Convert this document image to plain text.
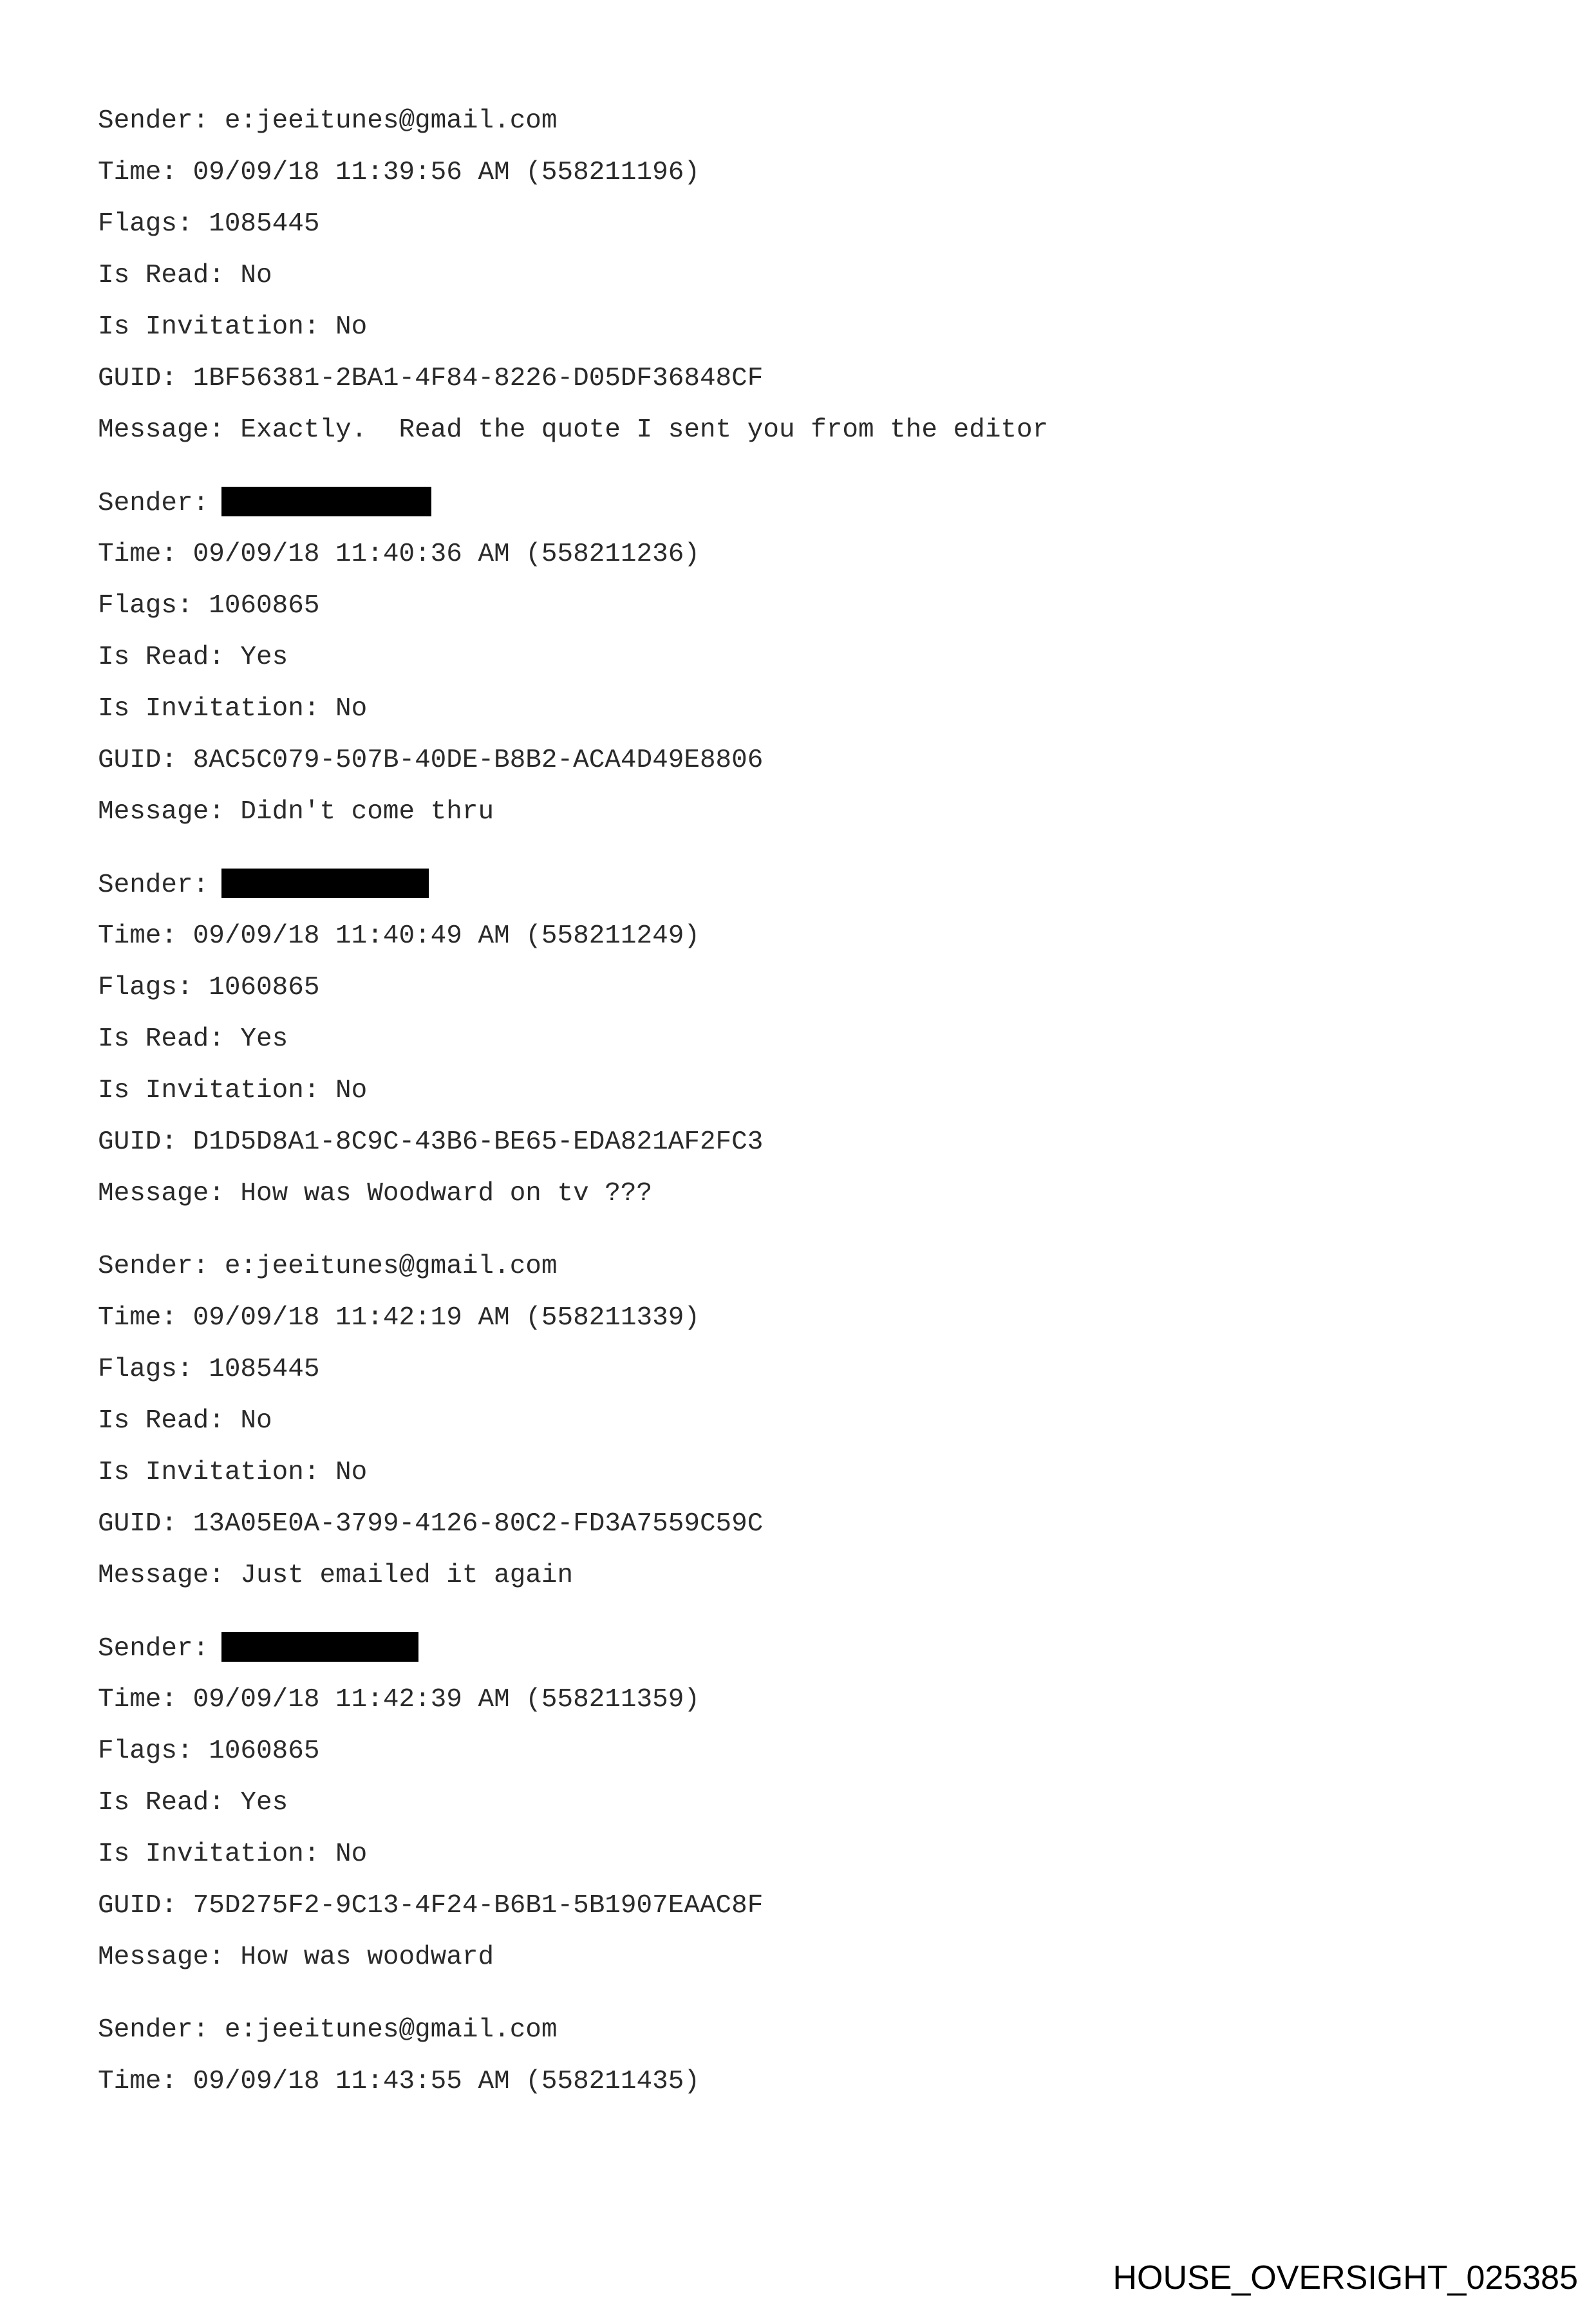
Sender: e:jeeitunes@gmail.com
Time: 09/09/18 11:39:56 AM (558211196)
Flags: 1085445
Is Read: No
Is Invitation: No
GUID: 1BF56381-2BA1-4F84-8226-D05DF36848CF
Message: Exactly.  Read the quote I sent you from the editor
Sender:
Time: 09/09/18 11:40:36 AM (558211236)
Flags: 1060865
Is Read: Yes
Is Invitation: No
GUID: 8AC5C079-507B-40DE-B8B2-ACA4D49E8806
Message: Didn't come thru
Sender:
Time: 09/09/18 11:40:49 AM (558211249)
Flags: 1060865
Is Read: Yes
Is Invitation: No
GUID: D1D5D8A1-8C9C-43B6-BE65-EDA821AF2FC3
Message: How was Woodward on tv ???
Sender: e:jeeitunes@gmail.com
Time: 09/09/18 11:42:19 AM (558211339)
Flags: 1085445
Is Read: No
Is Invitation: No
GUID: 13A05E0A-3799-4126-80C2-FD3A7559C59C
Message: Just emailed it again
Sender:
Time: 09/09/18 11:42:39 AM (558211359)
Flags: 1060865
Is Read: Yes
Is Invitation: No
GUID: 75D275F2-9C13-4F24-B6B1-5B1907EAAC8F
Message: How was woodward
Sender: e:jeeitunes@gmail.com
Time: 09/09/18 11:43:55 AM (558211435)
HOUSE_OVERSIGHT_025385
